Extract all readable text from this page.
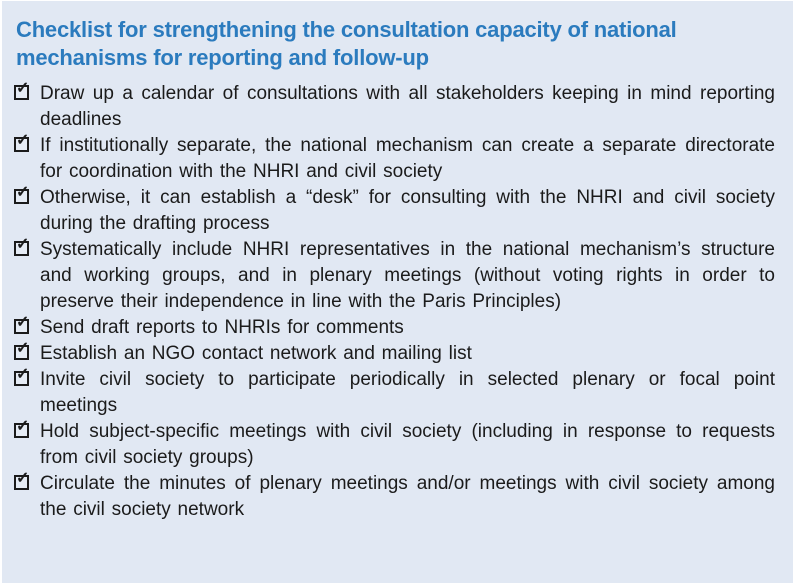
Checklist for strengthening the consultation capacity of national mechanisms for reporting and follow-up
✓ Draw up a calendar of consultations with all stakeholders keeping in mind reporting deadlines
✓ If institutionally separate, the national mechanism can create a separate directorate for coordination with the NHRI and civil society
✓ Otherwise, it can establish a “desk” for consulting with the NHRI and civil society during the drafting process
✓ Systematically include NHRI representatives in the national mechanism’s structure and working groups, and in plenary meetings (without voting rights in order to preserve their independence in line with the Paris Principles)
✓ Send draft reports to NHRIs for comments
✓ Establish an NGO contact network and mailing list
✓ Invite civil society to participate periodically in selected plenary or focal point meetings
✓ Hold subject-specific meetings with civil society (including in response to requests from civil society groups)
✓ Circulate the minutes of plenary meetings and/or meetings with civil society among the civil society network
